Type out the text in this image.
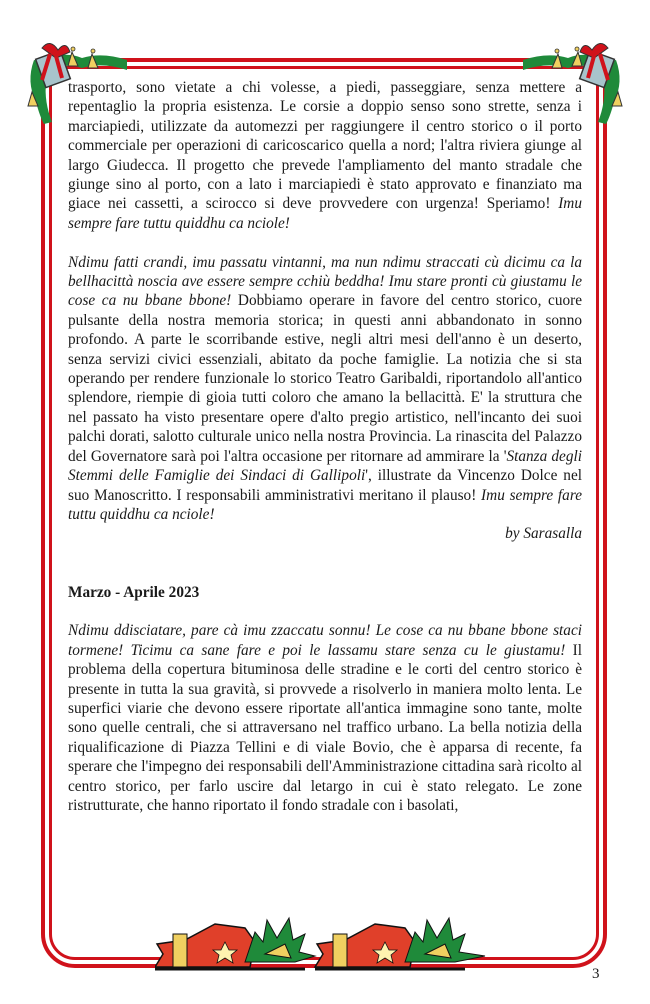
trasporto, sono vietate a chi volesse, a piedi, passeggiare, senza mettere a repentaglio la propria esistenza. Le corsie a doppio senso sono strette, senza i marciapiedi, utilizzate da automezzi per raggiungere il centro storico o il porto commerciale per operazioni di caricoscarico quella a nord; l'altra riviera giunge al largo Giudecca. Il progetto che prevede l'ampliamento del manto stradale che giunge sino al porto, con a lato i marciapiedi è stato approvato e finanziato ma giace nei cassetti, a scirocco si deve provvedere con urgenza! Speriamo! Imu sempre fare tuttu quiddhu ca nciole!

Ndimu fatti crandi, imu passatu vintanni, ma nun ndimu straccati cù dicimu ca la bellhacittà noscia ave essere sempre cchiù beddha! Imu stare pronti cù giustamu le cose ca nu bbane bbone! Dobbiamo operare in favore del centro storico, cuore pulsante della nostra memoria storica; in questi anni abbandonato in sonno profondo. A parte le scorribande estive, negli altri mesi dell'anno è un deserto, senza servizi civici essenziali, abitato da poche famiglie. La notizia che si sta operando per rendere funzionale lo storico Teatro Garibaldi, riportandolo all'antico splendore, riempie di gioia tutti coloro che amano la bellacittà. E' la struttura che nel passato ha visto presentare opere d'alto pregio artistico, nell'incanto dei suoi palchi dorati, salotto culturale unico nella nostra Provincia. La rinascita del Palazzo del Governatore sarà poi l'altra occasione per ritornare ad ammirare la 'Stanza degli Stemmi delle Famiglie dei Sindaci di Gallipoli', illustrate da Vincenzo Dolce nel suo Manoscritto. I responsabili amministrativi meritano il plauso! Imu sempre fare tuttu quiddhu ca nciole!

by Sarasalla

Marzo - Aprile 2023

Ndimu ddisciatare, pare cà imu zzaccatu sonnu! Le cose ca nu bbane bbone staci tormene! Ticimu ca sane fare e poi le lassamu stare senza cu le giustamu! Il problema della copertura bituminosa delle stradine e le corti del centro storico è presente in tutta la sua gravità, si provvede a risolverlo in maniera molto lenta. Le superfici viarie che devono essere riportate all'antica immagine sono tante, molte sono quelle centrali, che si attraversano nel traffico urbano. La bella notizia della riqualificazione di Piazza Tellini e di viale Bovio, che è apparsa di recente, fa sperare che l'impegno dei responsabili dell'Amministrazione cittadina sarà ricolto al centro storico, per farlo uscire dal letargo in cui è stato relegato. Le zone ristrutturate, che hanno riportato il fondo stradale con i basolati,

3
